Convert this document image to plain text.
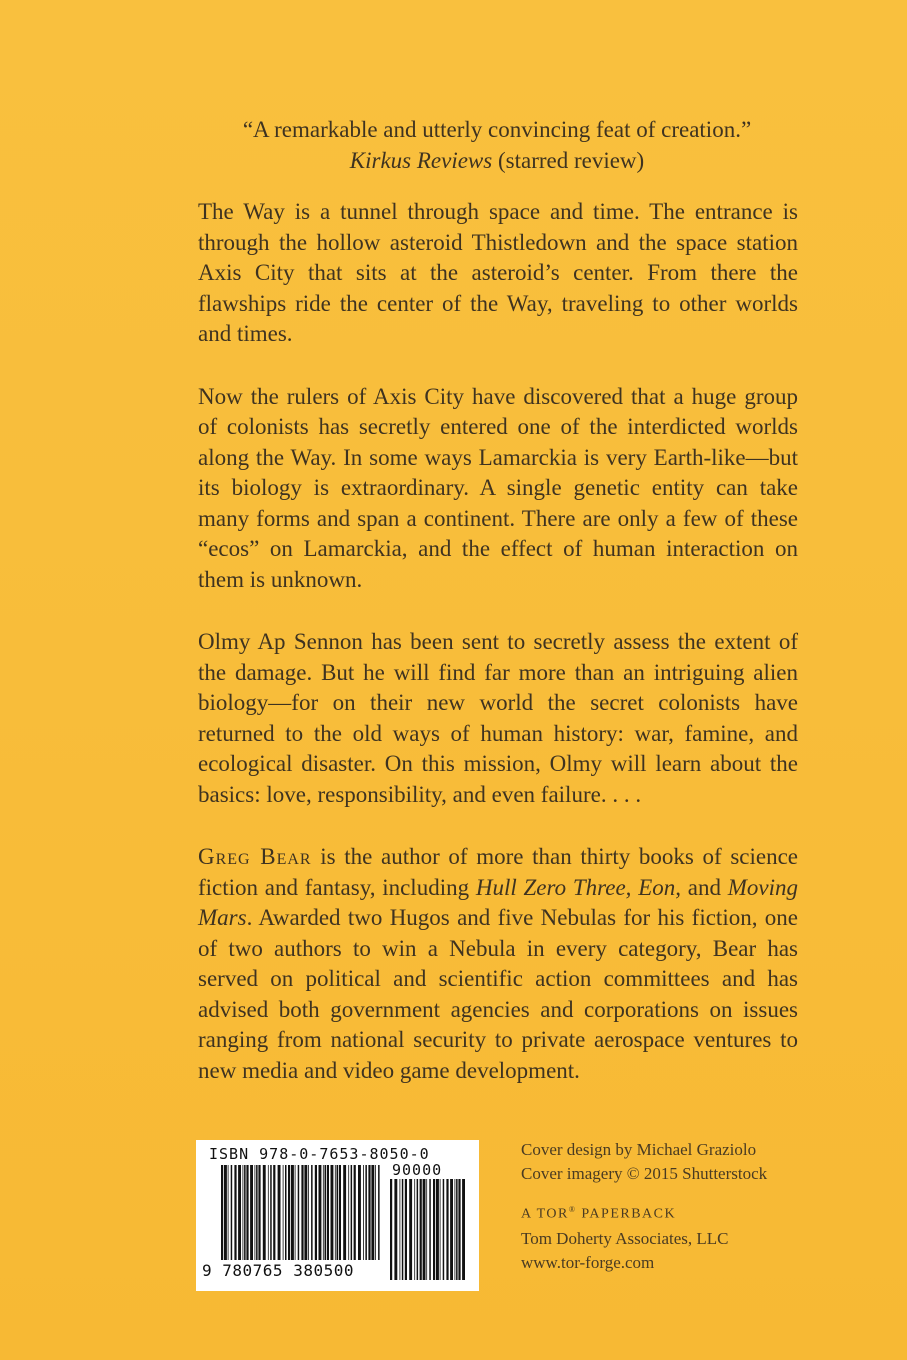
“A remarkable and utterly convincing feat of creation.”
Kirkus Reviews (starred review)

The Way is a tunnel through space and time. The entrance is through the hollow asteroid Thistledown and the space station Axis City that sits at the asteroid’s center. From there the flawships ride the center of the Way, traveling to other worlds and times.

Now the rulers of Axis City have discovered that a huge group of colonists has secretly entered one of the interdicted worlds along the Way. In some ways Lamarckia is very Earth-like—but its biology is extraordinary. A single genetic entity can take many forms and span a continent. There are only a few of these “ecos” on Lamarckia, and the effect of human interaction on them is unknown.

Olmy Ap Sennon has been sent to secretly assess the extent of the damage. But he will find far more than an intriguing alien biology—for on their new world the secret colonists have returned to the old ways of human history: war, famine, and ecological disaster. On this mission, Olmy will learn about the basics: love, responsibility, and even failure. . . .

Greg Bear is the author of more than thirty books of science fiction and fantasy, including Hull Zero Three, Eon, and Moving Mars. Awarded two Hugos and five Nebulas for his fiction, one of two authors to win a Nebula in every category, Bear has served on political and scientific action committees and has advised both government agencies and corporations on issues ranging from national security to private aerospace ventures to new media and video game development.

ISBN 978-0-7653-8050-0
90000
9 780765 380500
Cover design by Michael Graziolo
Cover imagery © 2015 Shutterstock
A TOR® PAPERBACK
Tom Doherty Associates, LLC
www.tor-forge.com
